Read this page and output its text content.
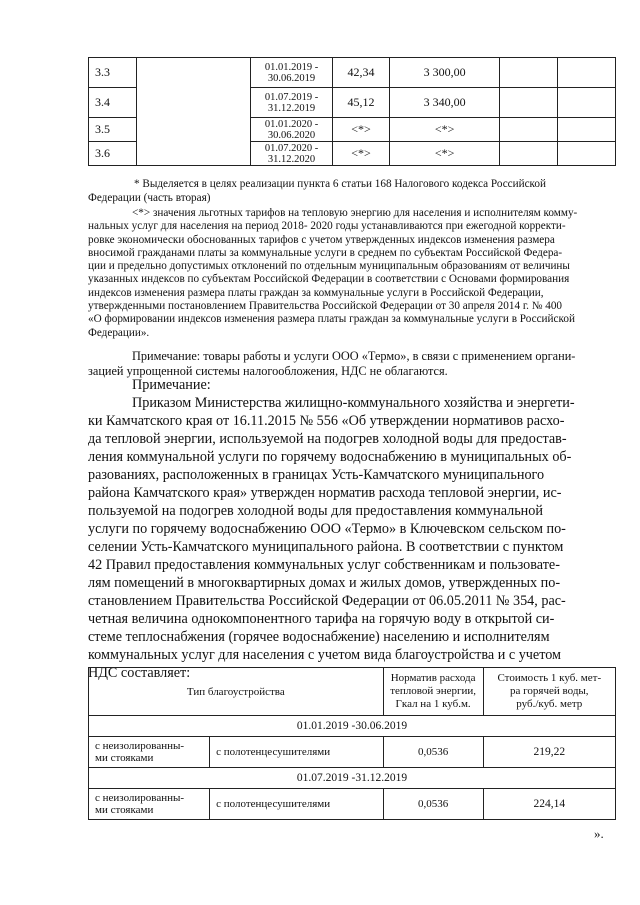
3.3		01.01.2019 -
30.06.2019	42,34	3 300,00		
3.4		01.07.2019 -
31.12.2019	45,12	3 340,00		
3.5		01.01.2020 -
30.06.2020	<*>	<*>		
3.6		01.07.2020 -
31.12.2020	<*>	<*>		
* Выделяется в целях реализации пункта 6 статьи 168 Налогового кодекса Российской
Федерации (часть вторая)
<*> значения льготных тарифов на тепловую энергию для населения и исполнителям комму-
нальных услуг для населения на период 2018- 2020 годы устанавливаются при ежегодной корректи-
ровке экономически обоснованных тарифов с учетом утвержденных индексов изменения размера
вносимой гражданами платы за коммунальные услуги в среднем по субъектам Российской Федера-
ции и предельно допустимых отклонений по отдельным муниципальным образованиям от величины
указанных индексов по субъектам Российской Федерации в соответствии с Основами формирования
индексов изменения размера платы граждан за коммунальные услуги в Российской Федерации,
утвержденными постановлением Правительства Российской Федерации от 30 апреля 2014 г. № 400
«О формировании индексов изменения размера платы граждан за коммунальные услуги в Российской
Федерации».
Примечание: товары работы и услуги ООО «Термо», в связи с применением органи-
зацией упрощенной системы налогообложения, НДС не облагаются.
Примечание:
Приказом Министерства жилищно-коммунального хозяйства и энергети-
ки Камчатского края от 16.11.2015 № 556 «Об утверждении нормативов расхо-
да тепловой энергии, используемой на подогрев холодной воды для предостав-
ления коммунальной услуги по горячему водоснабжению в муниципальных об-
разованиях, расположенных в границах Усть-Камчатского муниципального
района Камчатского края» утвержден норматив расхода тепловой энергии, ис-
пользуемой на подогрев холодной воды для предоставления коммунальной
услуги по горячему водоснабжению ООО «Термо» в Ключевском сельском по-
селении Усть-Камчатского муниципального района. В соответствии с пунктом
42 Правил предоставления коммунальных услуг собственникам и пользовате-
лям помещений в многоквартирных домах и жилых домов, утвержденных по-
становлением Правительства Российской Федерации от 06.05.2011 № 354, рас-
четная величина однокомпонентного тарифа на горячую воду в открытой си-
стеме теплоснабжения (горячее водоснабжение) населению и исполнителям
коммунальных услуг для населения с учетом вида благоустройства и с учетом
НДС составляет:
Тип благоустройства		Норматив расхода
тепловой энергии,
Гкал на 1 куб.м.	Стоимость 1 куб. мет-
ра горячей воды,
руб./куб. метр
01.01.2019 -30.06.2019			
с неизолированны-
ми стояками	с полотенцесушителями	0,0536	219,22
01.07.2019 -31.12.2019			
с неизолированны-
ми стояками	с полотенцесушителями	0,0536	224,14
».
